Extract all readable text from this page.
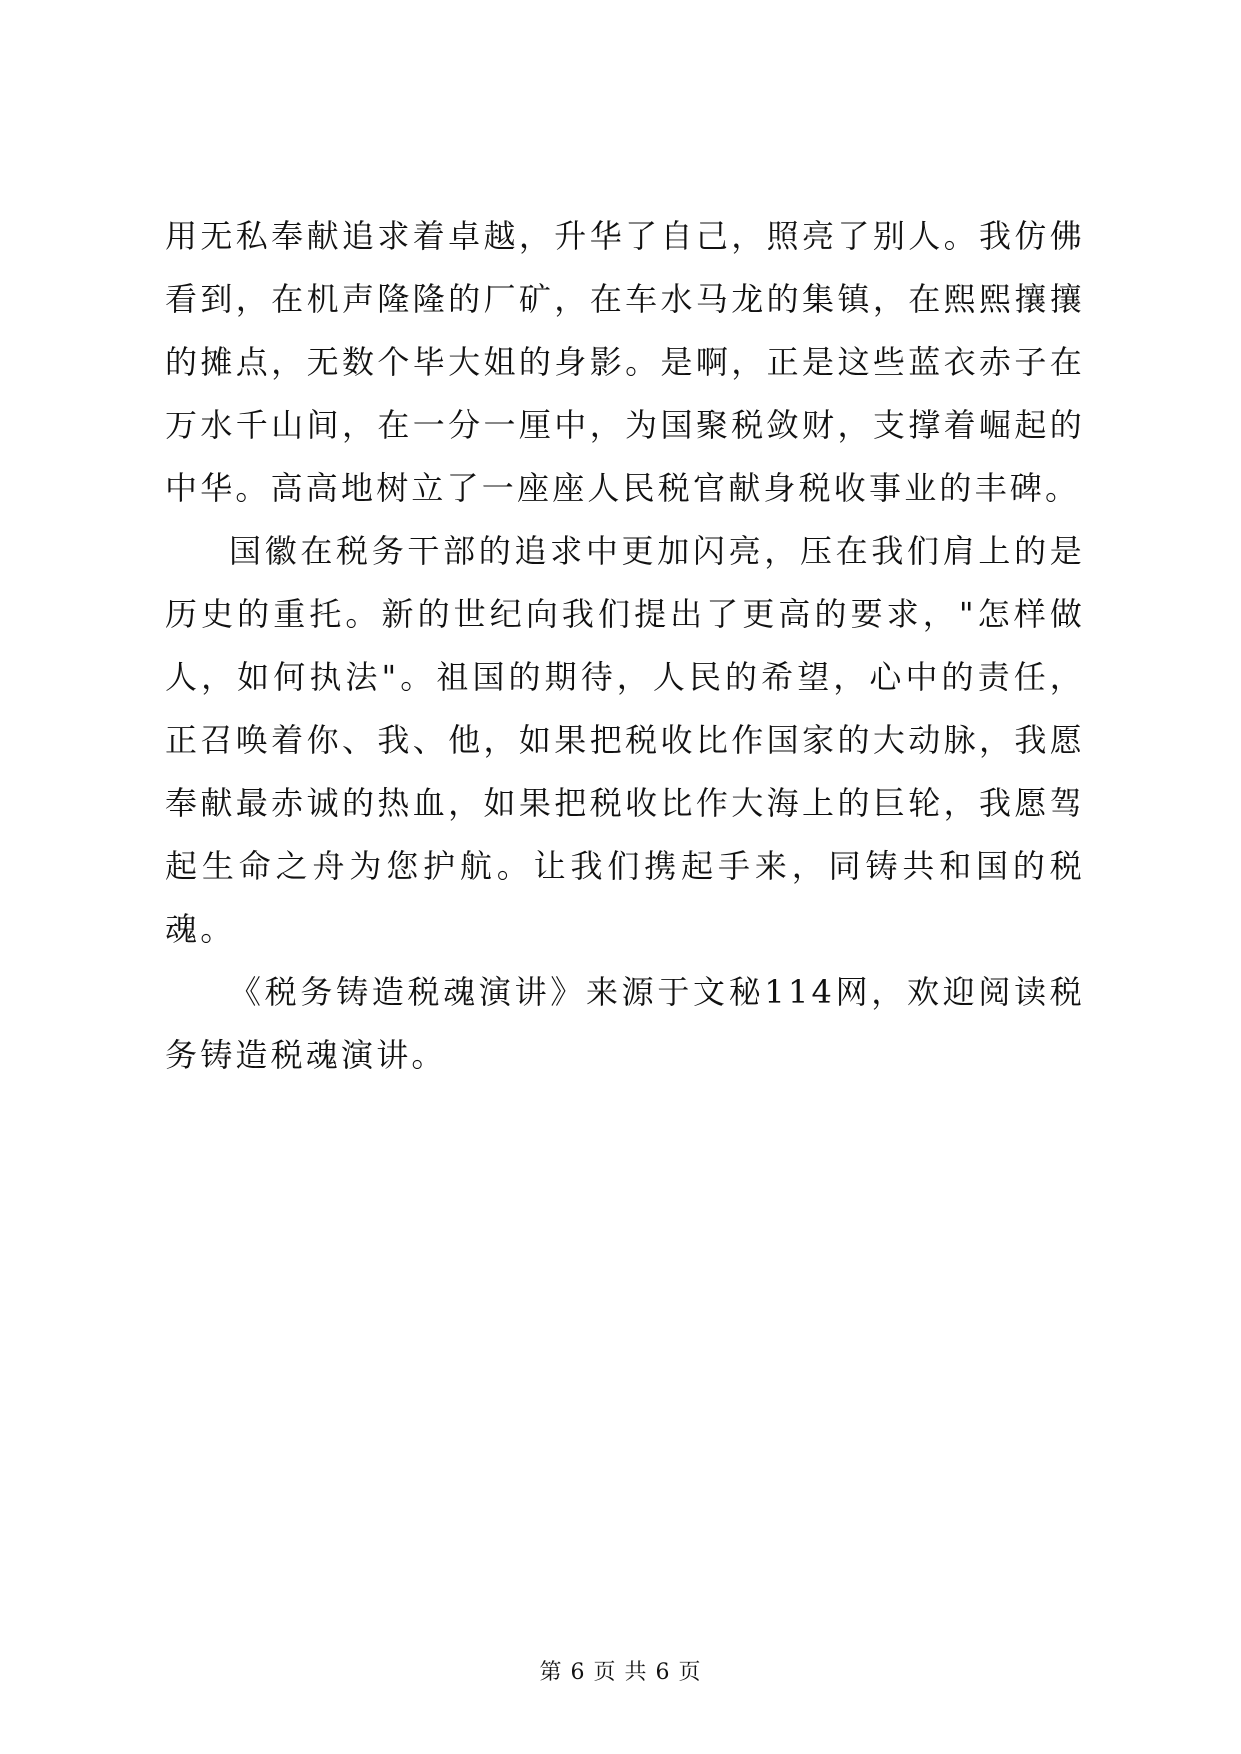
用无私奉献追求着卓越，升华了自己，照亮了别人。我仿佛看到，在机声隆隆的厂矿，在车水马龙的集镇，在熙熙攘攘的摊点，无数个毕大姐的身影。是啊，正是这些蓝衣赤子在万水千山间，在一分一厘中，为国聚税敛财，支撑着崛起的中华。高高地树立了一座座人民税官献身税收事业的丰碑。

国徽在税务干部的追求中更加闪亮，压在我们肩上的是历史的重托。新的世纪向我们提出了更高的要求，"怎样做人，如何执法"。祖国的期待，人民的希望，心中的责任，正召唤着你、我、他，如果把税收比作国家的大动脉，我愿奉献最赤诚的热血，如果把税收比作大海上的巨轮，我愿驾起生命之舟为您护航。让我们携起手来，同铸共和国的税魂。

《税务铸造税魂演讲》来源于文秘114网，欢迎阅读税务铸造税魂演讲。

第 6 页 共 6 页
